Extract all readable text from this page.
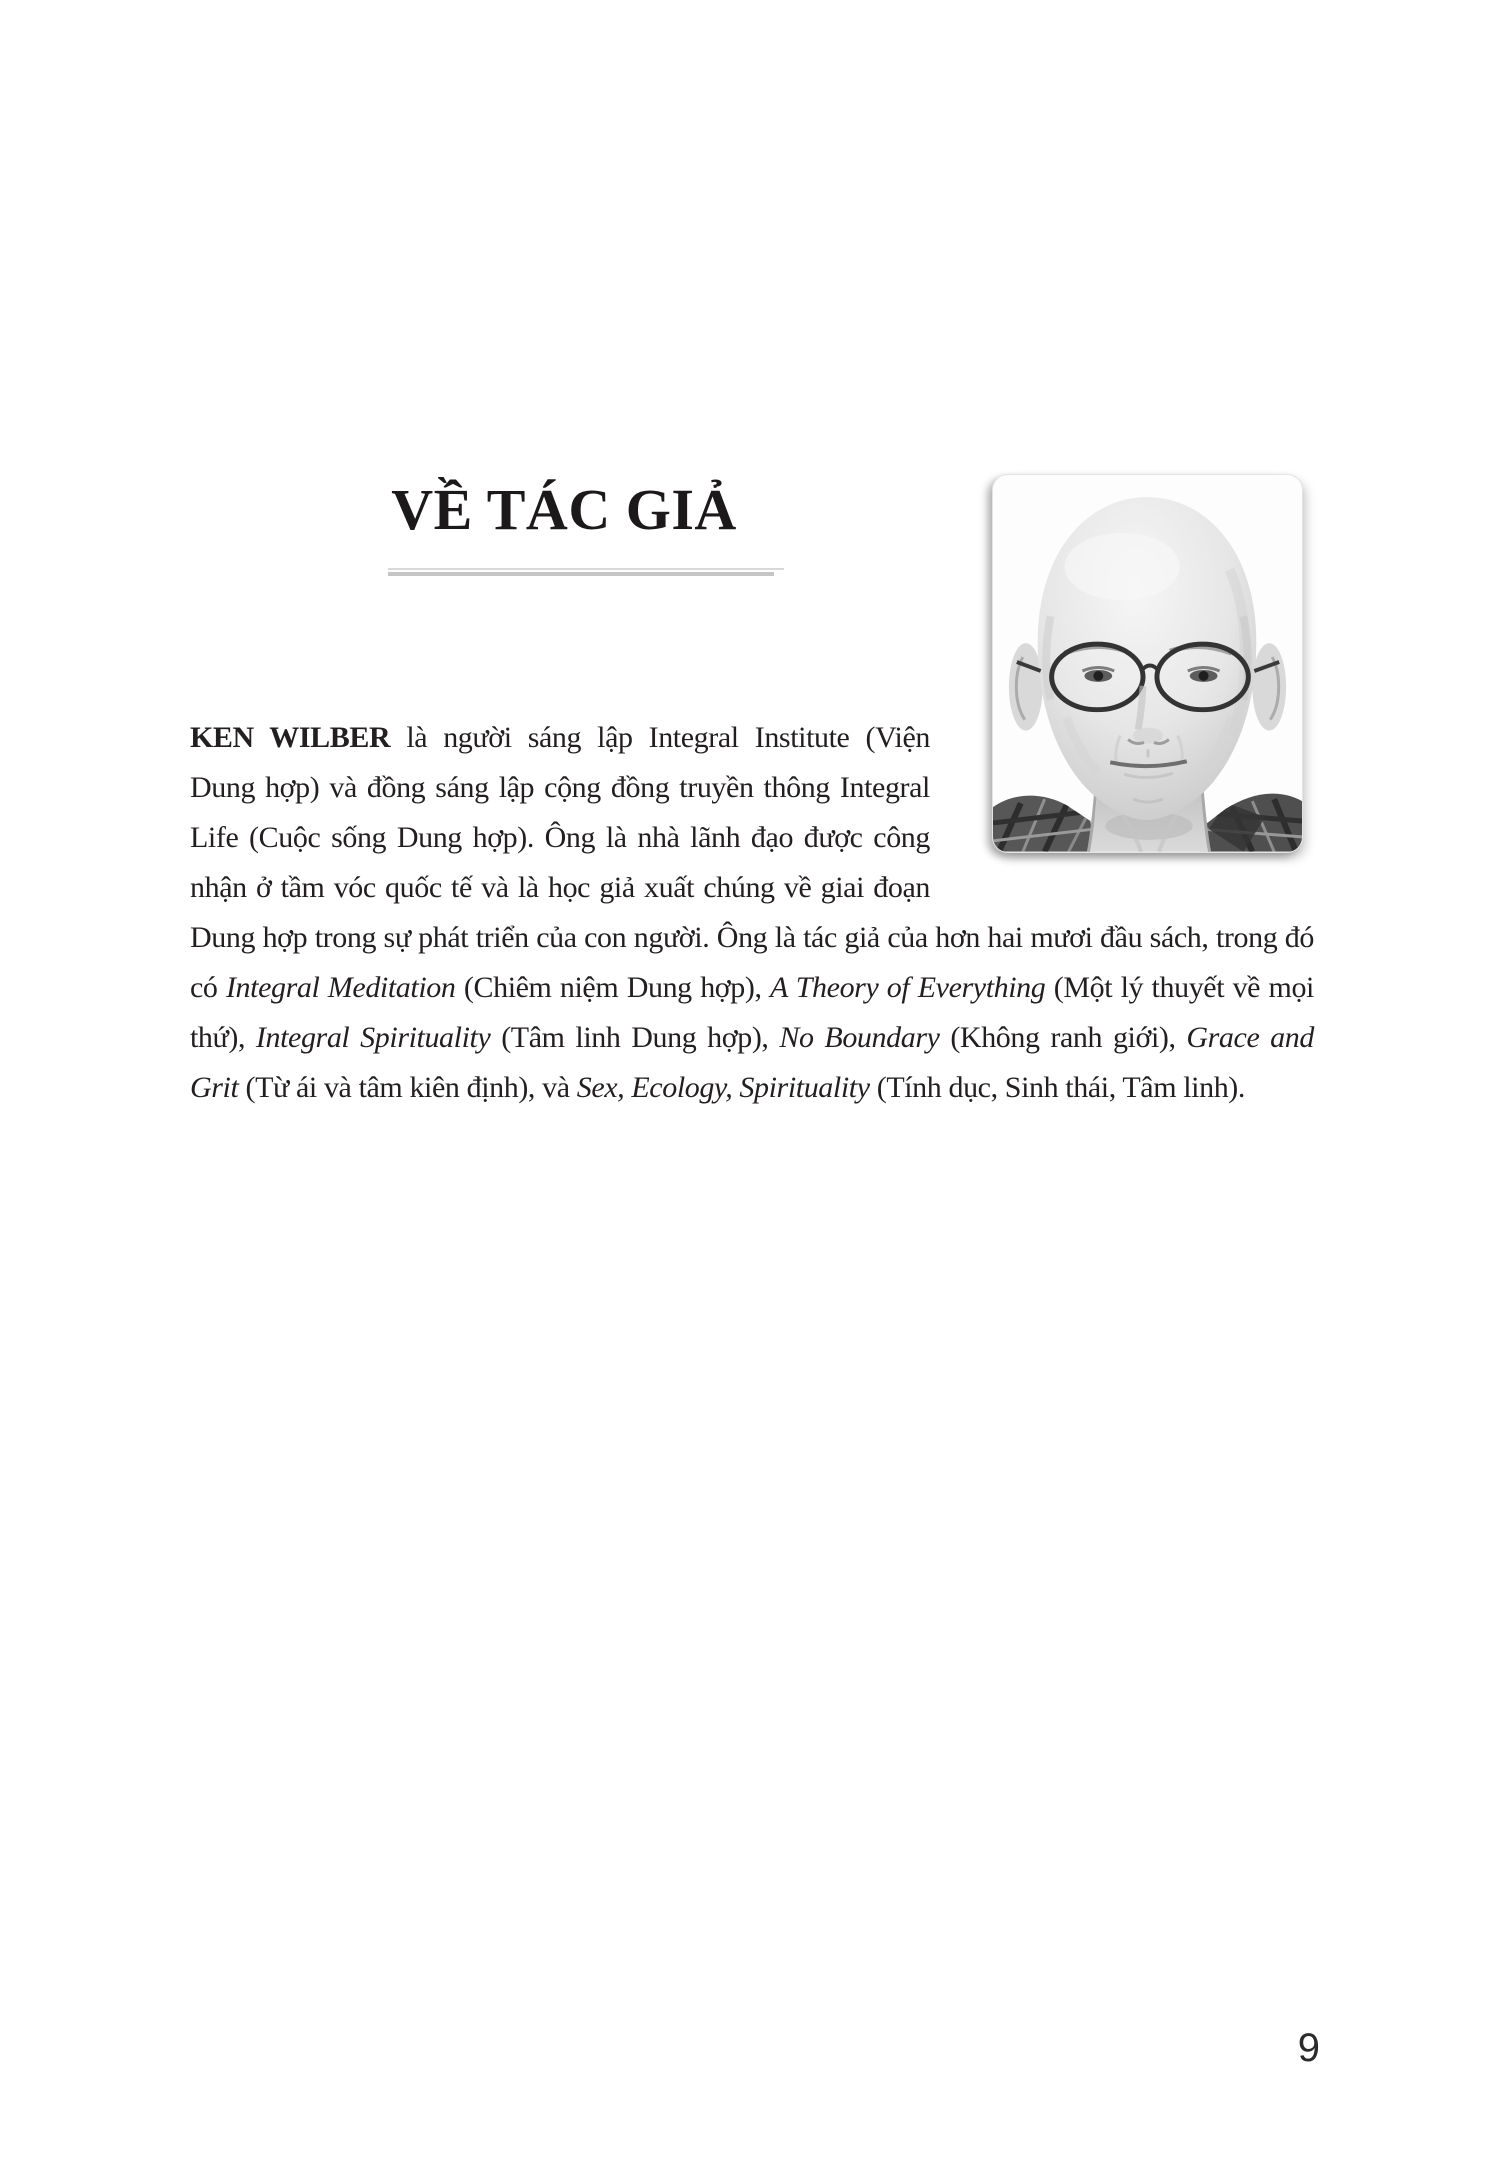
VỀ TÁC GIẢ

KEN WILBER là người sáng lập Integral Institute (Viện Dung hợp) và đồng sáng lập cộng đồng truyền thông Integral Life (Cuộc sống Dung hợp). Ông là nhà lãnh đạo được công nhận ở tầm vóc quốc tế và là học giả xuất chúng về giai đoạn Dung hợp trong sự phát triển của con người. Ông là tác giả của hơn hai mươi đầu sách, trong đó có Integral Meditation (Chiêm niệm Dung hợp), A Theory of Everything (Một lý thuyết về mọi thứ), Integral Spirituality (Tâm linh Dung hợp), No Boundary (Không ranh giới), Grace and Grit (Từ ái và tâm kiên định), và Sex, Ecology, Spirituality (Tính dục, Sinh thái, Tâm linh).

9
